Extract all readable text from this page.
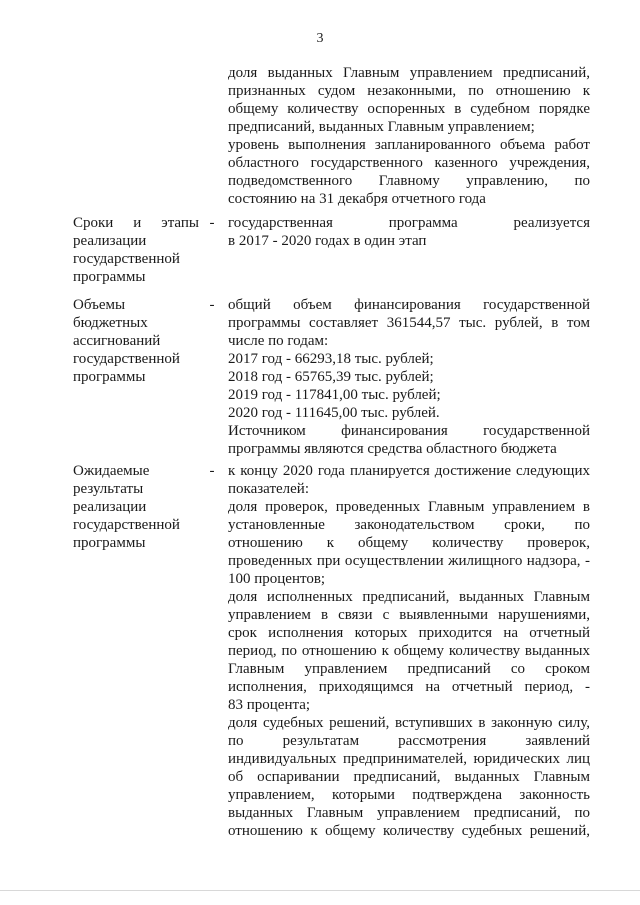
3
доля выданных Главным управлением предписаний,
признанных судом незаконными, по отношению к
общему количеству оспоренных в судебном порядке
предписаний, выданных Главным управлением;
уровень выполнения запланированного объема работ
областного государственного казенного учреждения,
подведомственного Главному управлению, по
состоянию на 31 декабря отчетного года
Сроки и этапы
реализации
государственной
программы
- государственная программа реализуется
в 2017 - 2020 годах в один этап
Объемы
бюджетных
ассигнований
государственной
программы
- общий объем финансирования государственной
программы составляет 361544,57 тыс. рублей, в том
числе по годам:
2017 год - 66293,18 тыс. рублей;
2018 год - 65765,39 тыс. рублей;
2019 год - 117841,00 тыс. рублей;
2020 год - 111645,00 тыс. рублей.
Источником финансирования государственной
программы являются средства областного бюджета
Ожидаемые
результаты
реализации
государственной
программы
- к концу 2020 года планируется достижение следующих
показателей:
доля проверок, проведенных Главным управлением в
установленные законодательством сроки, по
отношению к общему количеству проверок,
проведенных при осуществлении жилищного надзора, -
100 процентов;
доля исполненных предписаний, выданных Главным
управлением в связи с выявленными нарушениями,
срок исполнения которых приходится на отчетный
период, по отношению к общему количеству выданных
Главным управлением предписаний со сроком
исполнения, приходящимся на отчетный период, -
83 процента;
доля судебных решений, вступивших в законную силу,
по результатам рассмотрения заявлений
индивидуальных предпринимателей, юридических лиц
об оспаривании предписаний, выданных Главным
управлением, которыми подтверждена законность
выданных Главным управлением предписаний, по
отношению к общему количеству судебных решений,
